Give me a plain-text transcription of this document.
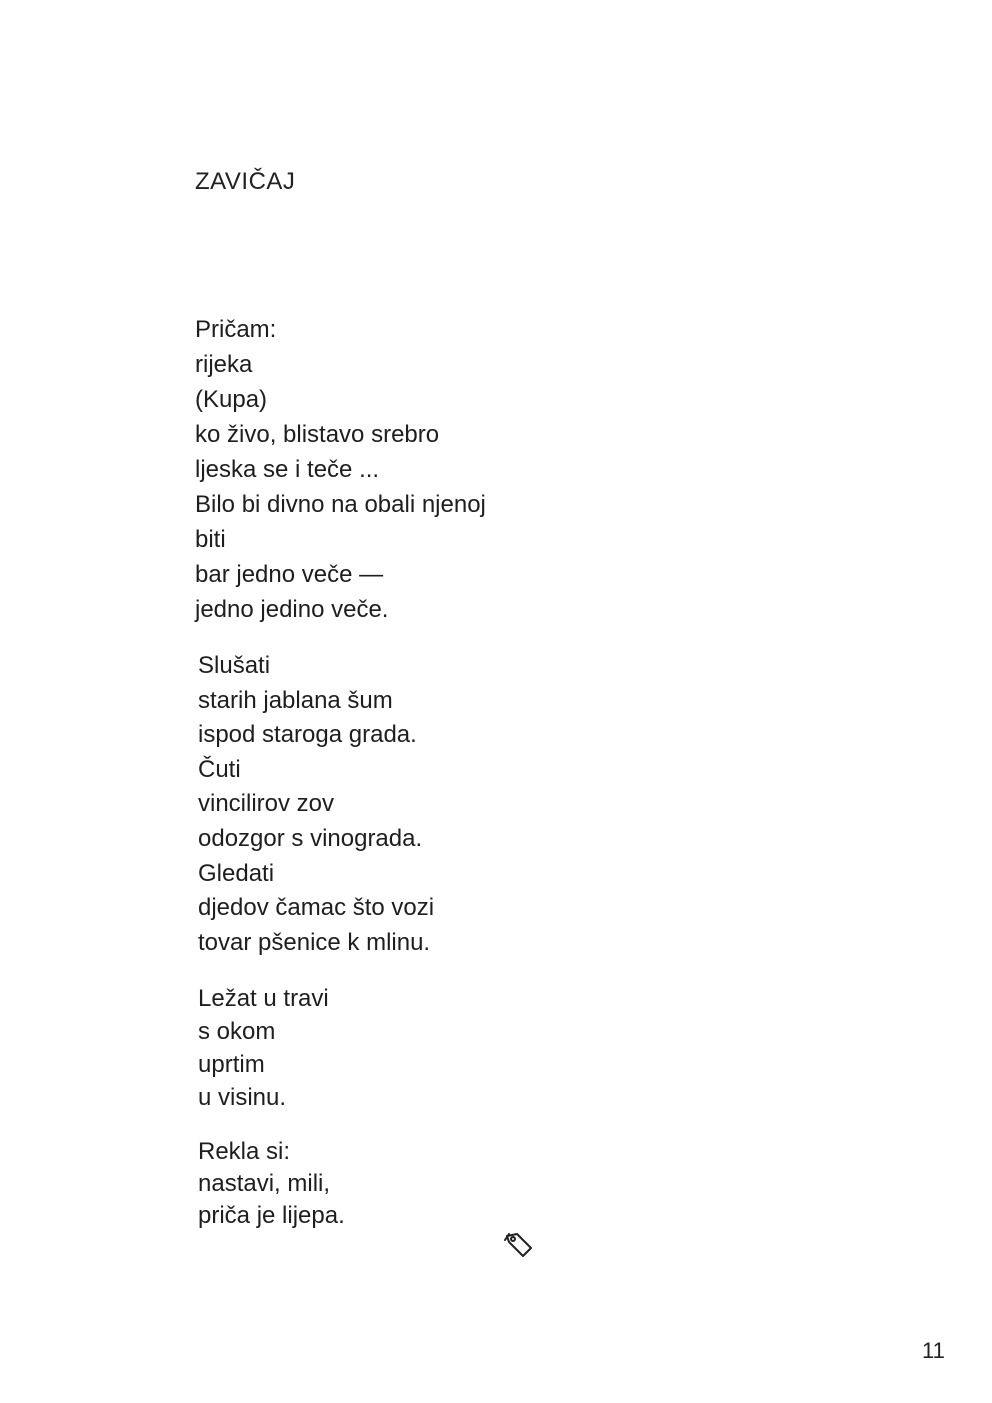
ZAVIČAJ

Pričam:
rijeka
(Kupa)
ko živo, blistavo srebro
ljeska se i teče ...
Bilo bi divno na obali njenoj
biti
bar jedno veče —
jedno jedino veče.

Slušati
starih jablana šum
ispod staroga grada.
Čuti
vincilirov zov
odozgor s vinograda.
Gledati
djedov čamac što vozi
tovar pšenice k mlinu.

Ležat u travi
s okom
uprtim
u visinu.

Rekla si:
nastavi, mili,
priča je lijepa.

11
